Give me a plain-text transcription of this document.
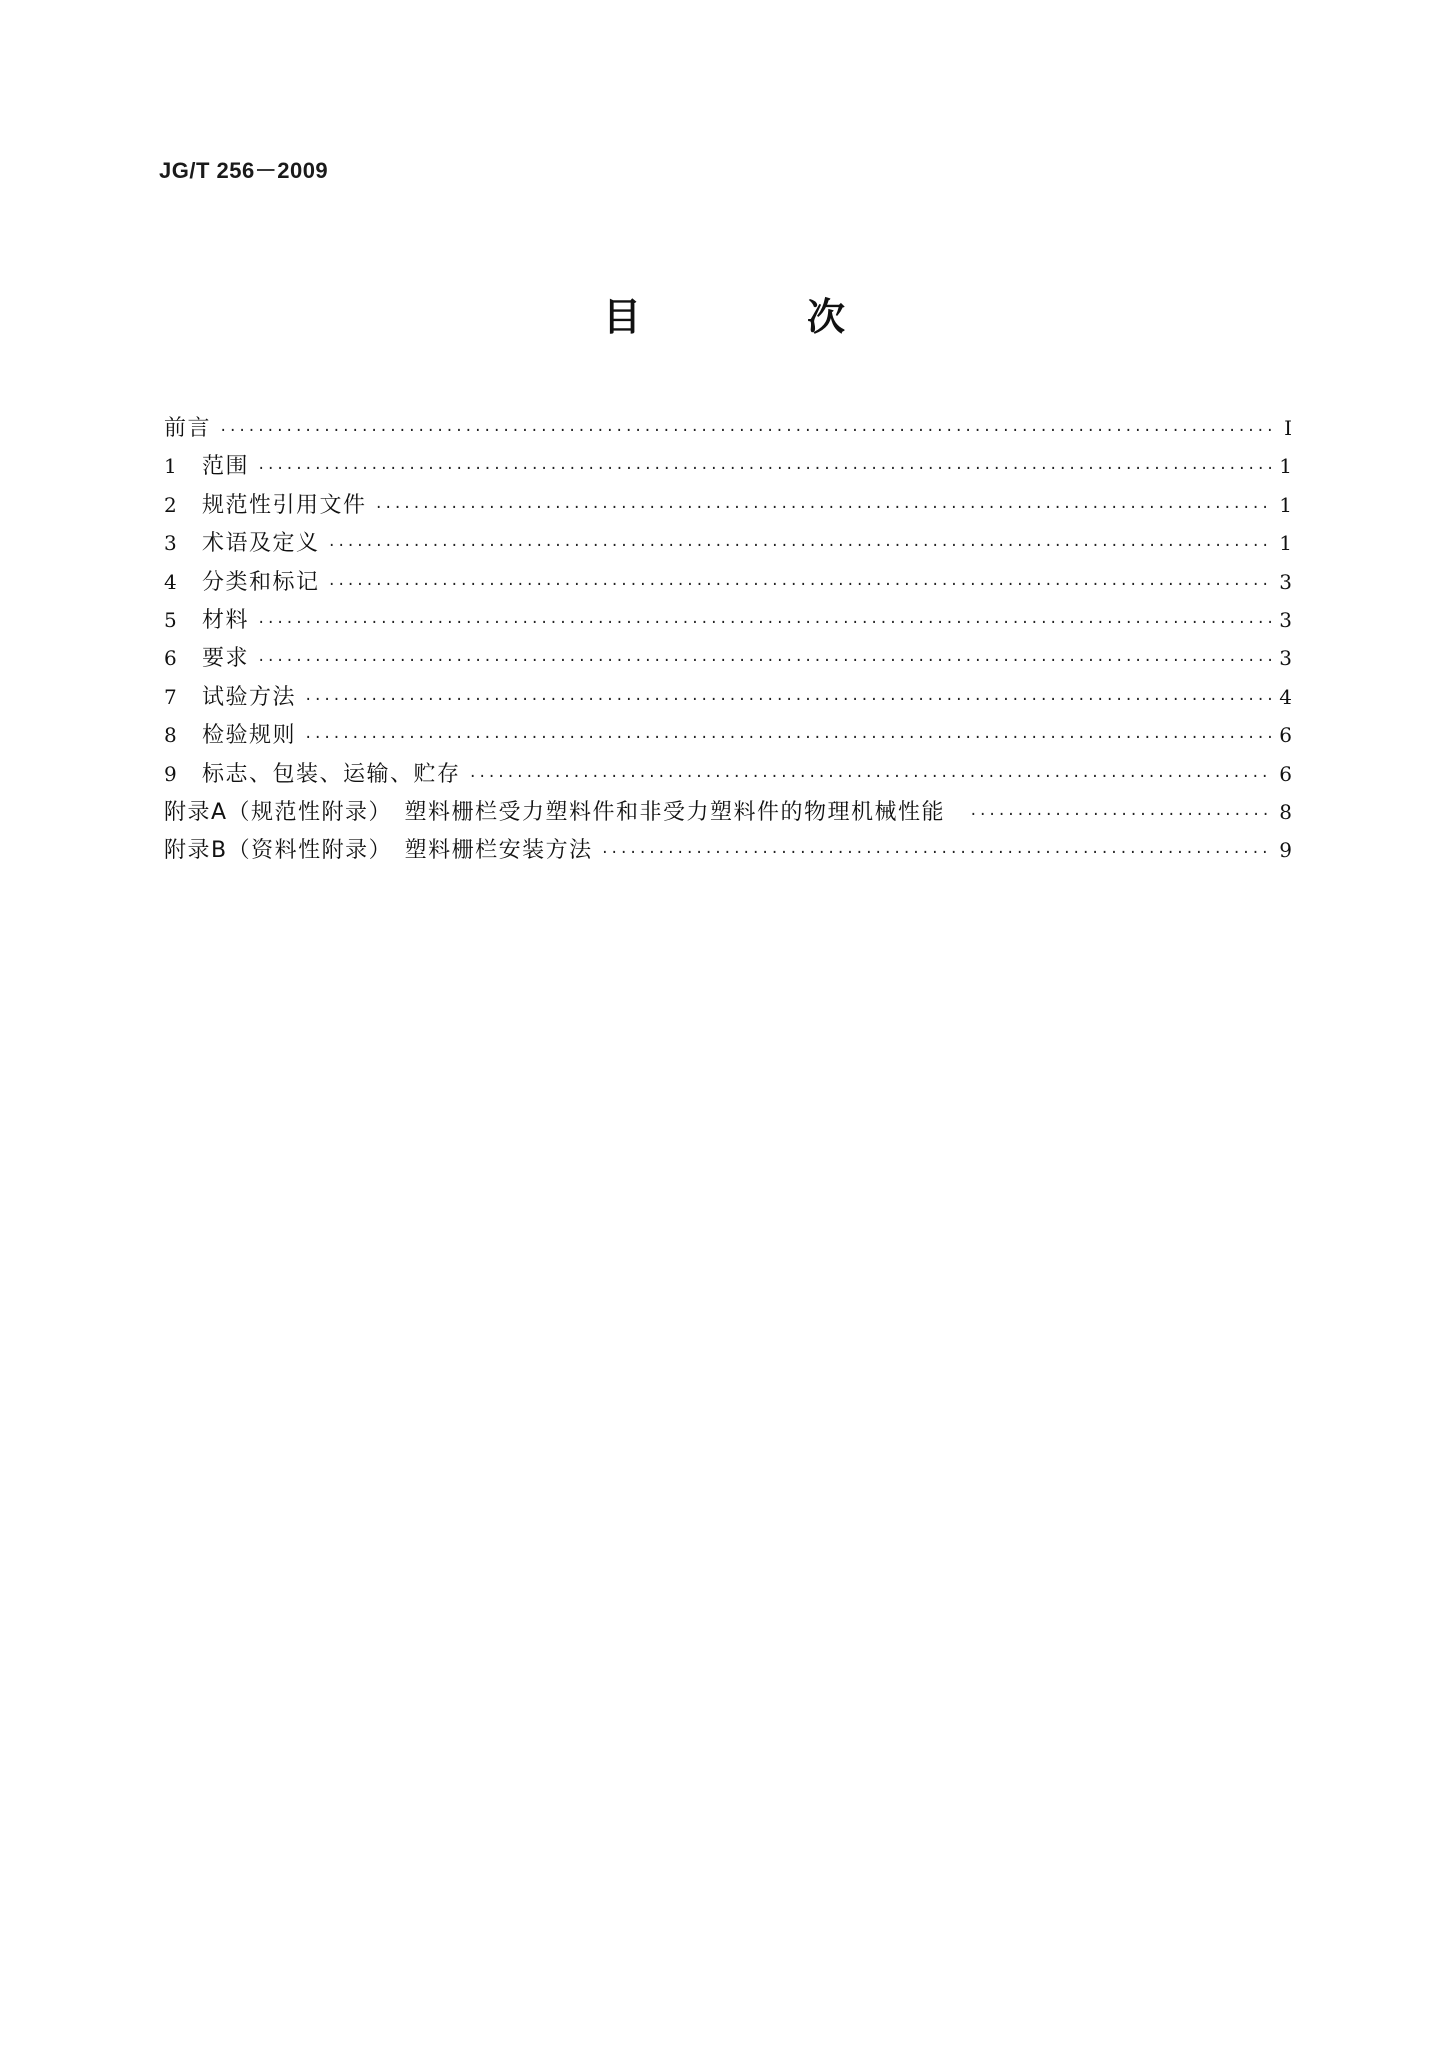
JG/T 256－2009
目　次
前言 ·····	Ⅰ
1	范围 ·····	1
2	规范性引用文件 ·····	1
3	术语及定义 ·····	1
4	分类和标记 ·····	3
5	材料 ·····	3
6	要求 ·····	3
7	试验方法 ·····	4
8	检验规则 ·····	6
9	标志、包装、运输、贮存 ·····	6
附录A（规范性附录）　塑料栅栏受力塑料件和非受力塑料件的物理机械性能 ·····	8
附录B（资料性附录）　塑料栅栏安装方法 ·····	9
